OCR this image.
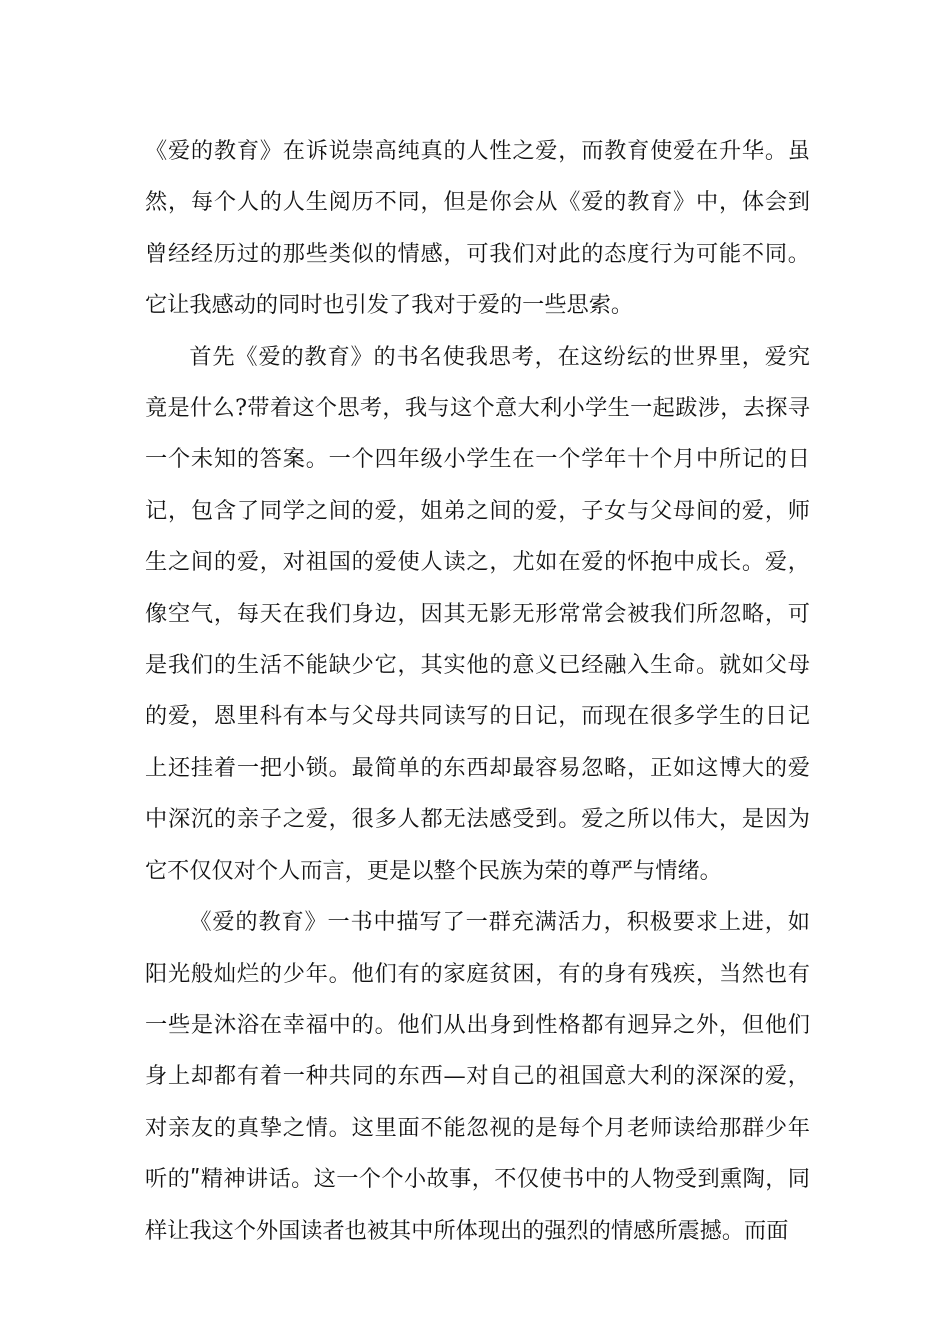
《爱的教育》在诉说崇高纯真的人性之爱，而教育使爱在升华。虽然，每个人的人生阅历不同，但是你会从《爱的教育》中，体会到曾经经历过的那些类似的情感，可我们对此的态度行为可能不同。它让我感动的同时也引发了我对于爱的一些思索。

首先《爱的教育》的书名使我思考，在这纷纭的世界里，爱究竟是什么?带着这个思考，我与这个意大利小学生一起跋涉，去探寻一个未知的答案。一个四年级小学生在一个学年十个月中所记的日记，包含了同学之间的爱，姐弟之间的爱，子女与父母间的爱，师生之间的爱，对祖国的爱使人读之，尤如在爱的怀抱中成长。爱，像空气，每天在我们身边，因其无影无形常常会被我们所忽略，可是我们的生活不能缺少它，其实他的意义已经融入生命。就如父母的爱，恩里科有本与父母共同读写的日记，而现在很多学生的日记上还挂着一把小锁。最简单的东西却最容易忽略，正如这博大的爱中深沉的亲子之爱，很多人都无法感受到。爱之所以伟大，是因为它不仅仅对个人而言，更是以整个民族为荣的尊严与情绪。

《爱的教育》一书中描写了一群充满活力，积极要求上进，如阳光般灿烂的少年。他们有的家庭贫困，有的身有残疾，当然也有一些是沐浴在幸福中的。他们从出身到性格都有迥异之外，但他们身上却都有着一种共同的东西—对自己的祖国意大利的深深的爱，对亲友的真挚之情。这里面不能忽视的是每个月老师读给那群少年听的ʺ精神讲话。这一个个小故事，不仅使书中的人物受到熏陶，同样让我这个外国读者也被其中所体现出的强烈的情感所震撼。而面
